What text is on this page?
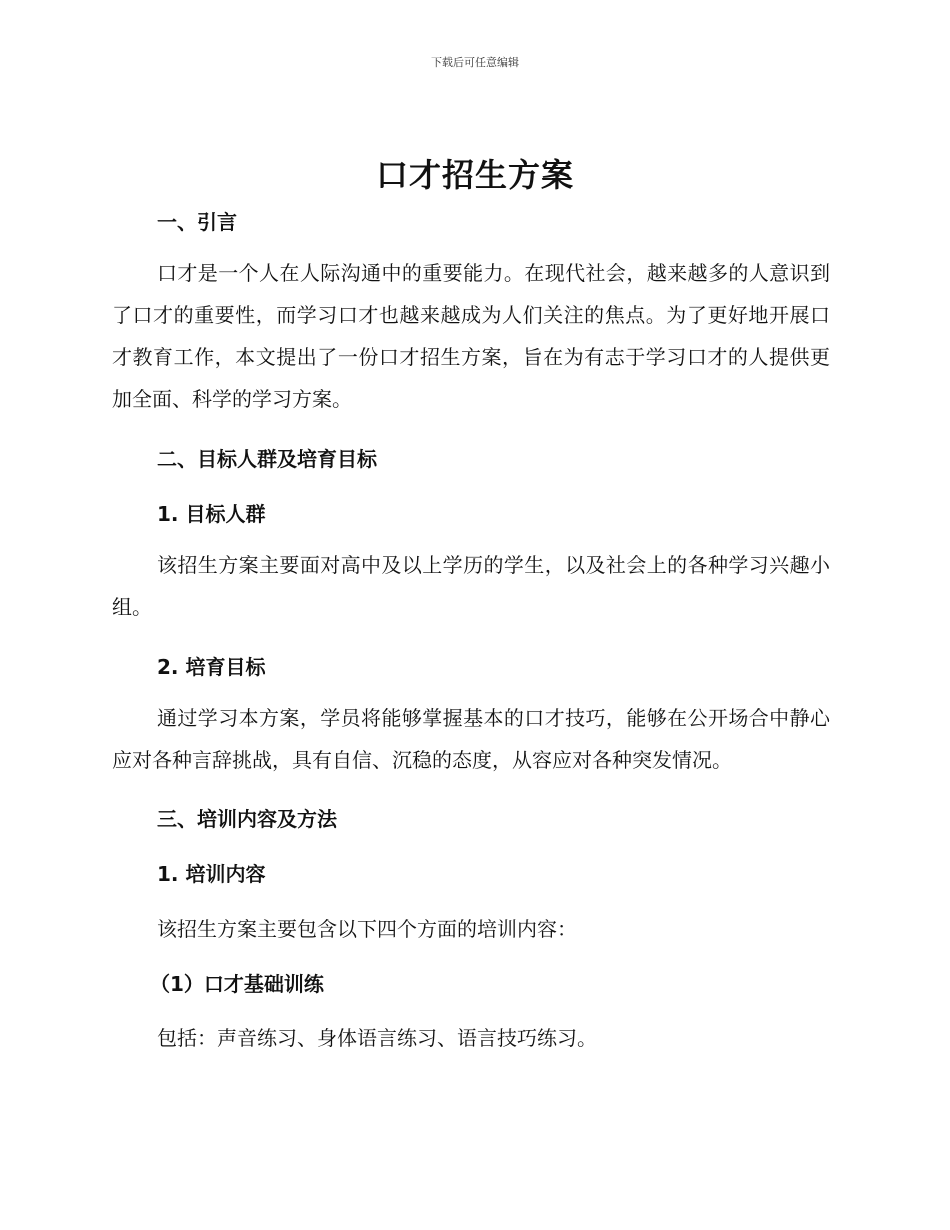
下载后可任意编辑
口才招生方案
一、引言
口才是一个人在人际沟通中的重要能力。在现代社会，越来越多的人意识到了口才的重要性，而学习口才也越来越成为人们关注的焦点。为了更好地开展口才教育工作，本文提出了一份口才招生方案，旨在为有志于学习口才的人提供更加全面、科学的学习方案。
二、目标人群及培育目标
1. 目标人群
该招生方案主要面对高中及以上学历的学生，以及社会上的各种学习兴趣小组。
2. 培育目标
通过学习本方案，学员将能够掌握基本的口才技巧，能够在公开场合中静心应对各种言辞挑战，具有自信、沉稳的态度，从容应对各种突发情况。
三、培训内容及方法
1. 培训内容
该招生方案主要包含以下四个方面的培训内容：
（1）口才基础训练
包括：声音练习、身体语言练习、语言技巧练习。
